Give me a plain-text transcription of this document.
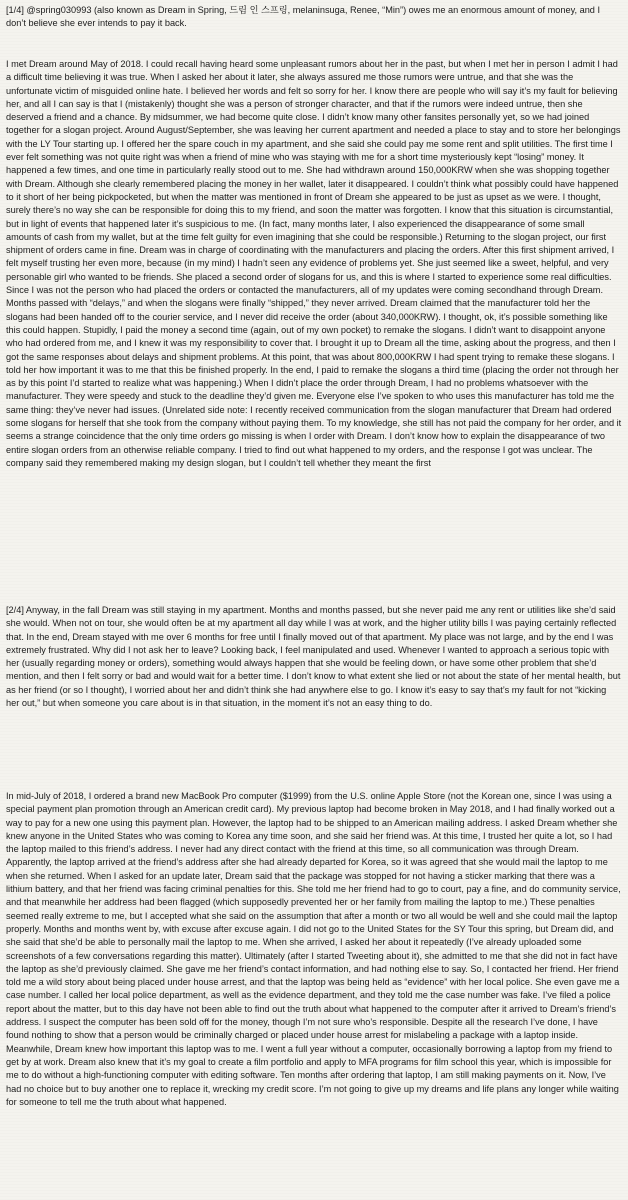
[1/4] @spring030993 (also known as Dream in Spring, 드림 인 스프링, melaninsuga, Renee, “Min”) owes me an enormous amount of money, and I don’t believe she ever intends to pay it back.

I met Dream around May of 2018. I could recall having heard some unpleasant rumors about her in the past, but when I met her in person I admit I had a difficult time believing it was true. When I asked her about it later, she always assured me those rumors were untrue, and that she was the unfortunate victim of misguided online hate. I believed her words and felt so sorry for her. I know there are people who will say it’s my fault for believing her, and all I can say is that I (mistakenly) thought she was a person of stronger character, and that if the rumors were indeed untrue, then she deserved a friend and a chance. By midsummer, we had become quite close. I didn’t know many other fansites personally yet, so we had joined together for a slogan project. Around August/September, she was leaving her current apartment and needed a place to stay and to store her belongings with the LY Tour starting up. I offered her the spare couch in my apartment, and she said she could pay me some rent and split utilities. The first time I ever felt something was not quite right was when a friend of mine who was staying with me for a short time mysteriously kept “losing” money. It happened a few times, and one time in particularly really stood out to me. She had withdrawn around 150,000KRW when she was shopping together with Dream. Although she clearly remembered placing the money in her wallet, later it disappeared. I couldn’t think what possibly could have happened to it short of her being pickpocketed, but when the matter was mentioned in front of Dream she appeared to be just as upset as we were. I thought, surely there’s no way she can be responsible for doing this to my friend, and soon the matter was forgotten. I know that this situation is circumstantial, but in light of events that happened later it’s suspicious to me. (In fact, many months later, I also experienced the disappearance of some small amounts of cash from my wallet, but at the time felt guilty for even imagining that she could be responsible.) Returning to the slogan project, our first shipment of orders came in fine. Dream was in charge of coordinating with the manufacturers and placing the orders. After this first shipment arrived, I felt myself trusting her even more, because (in my mind) I hadn’t seen any evidence of problems yet. She just seemed like a sweet, helpful, and very personable girl who wanted to be friends. She placed a second order of slogans for us, and this is where I started to experience some real difficulties. Since I was not the person who had placed the orders or contacted the manufacturers, all of my updates were coming secondhand through Dream. Months passed with “delays,” and when the slogans were finally “shipped,” they never arrived. Dream claimed that the manufacturer told her the slogans had been handed off to the courier service, and I never did receive the order (about 340,000KRW). I thought, ok, it’s possible something like this could happen. Stupidly, I paid the money a second time (again, out of my own pocket) to remake the slogans. I didn’t want to disappoint anyone who had ordered from me, and I knew it was my responsibility to cover that. I brought it up to Dream all the time, asking about the progress, and then I got the same responses about delays and shipment problems. At this point, that was about 800,000KRW I had spent trying to remake these slogans. I told her how important it was to me that this be finished properly. In the end, I paid to remake the slogans a third time (placing the order not through her as by this point I’d started to realize what was happening.) When I didn’t place the order through Dream, I had no problems whatsoever with the manufacturer. They were speedy and stuck to the deadline they’d given me. Everyone else I’ve spoken to who uses this manufacturer has told me the same thing: they’ve never had issues. (Unrelated side note: I recently received communication from the slogan manufacturer that Dream had ordered some slogans for herself that she took from the company without paying them. To my knowledge, she still has not paid the company for her order, and it seems a strange coincidence that the only time orders go missing is when I order with Dream. I don’t know how to explain the disappearance of two entire slogan orders from an otherwise reliable company. I tried to find out what happened to my orders, and the response I got was unclear. The company said they remembered making my design slogan, but I couldn’t tell whether they meant the first

[2/4] Anyway, in the fall Dream was still staying in my apartment. Months and months passed, but she never paid me any rent or utilities like she’d said she would. When not on tour, she would often be at my apartment all day while I was at work, and the higher utility bills I was paying certainly reflected that. In the end, Dream stayed with me over 6 months for free until I finally moved out of that apartment. My place was not large, and by the end I was extremely frustrated. Why did I not ask her to leave? Looking back, I feel manipulated and used. Whenever I wanted to approach a serious topic with her (usually regarding money or orders), something would always happen that she would be feeling down, or have some other problem that she’d mention, and then I felt sorry or bad and would wait for a better time. I don’t know to what extent she lied or not about the state of her mental health, but as her friend (or so I thought), I worried about her and didn’t think she had anywhere else to go. I know it’s easy to say that’s my fault for not “kicking her out,” but when someone you care about is in that situation, in the moment it’s not an easy thing to do.

In mid-July of 2018, I ordered a brand new MacBook Pro computer ($1999) from the U.S. online Apple Store (not the Korean one, since I was using a special payment plan promotion through an American credit card). My previous laptop had become broken in May 2018, and I had finally worked out a way to pay for a new one using this payment plan. However, the laptop had to be shipped to an American mailing address. I asked Dream whether she knew anyone in the United States who was coming to Korea any time soon, and she said her friend was. At this time, I trusted her quite a lot, so I had the laptop mailed to this friend’s address. I never had any direct contact with the friend at this time, so all communication was through Dream. Apparently, the laptop arrived at the friend’s address after she had already departed for Korea, so it was agreed that she would mail the laptop to me when she returned. When I asked for an update later, Dream said that the package was stopped for not having a sticker marking that there was a lithium battery, and that her friend was facing criminal penalties for this. She told me her friend had to go to court, pay a fine, and do community service, and that meanwhile her address had been flagged (which supposedly prevented her or her family from mailing the laptop to me.) These penalties seemed really extreme to me, but I accepted what she said on the assumption that after a month or two all would be well and she could mail the laptop properly. Months and months went by, with excuse after excuse again. I did not go to the United States for the SY Tour this spring, but Dream did, and she said that she’d be able to personally mail the laptop to me. When she arrived, I asked her about it repeatedly (I’ve already uploaded some screenshots of a few conversations regarding this matter). Ultimately (after I started Tweeting about it), she admitted to me that she did not in fact have the laptop as she’d previously claimed. She gave me her friend’s contact information, and had nothing else to say. So, I contacted her friend. Her friend told me a wild story about being placed under house arrest, and that the laptop was being held as “evidence” with her local police. She even gave me a case number. I called her local police department, as well as the evidence department, and they told me the case number was fake. I’ve filed a police report about the matter, but to this day have not been able to find out the truth about what happened to the computer after it arrived to Dream’s friend’s address. I suspect the computer has been sold off for the money, though I’m not sure who’s responsible. Despite all the research I’ve done, I have found nothing to show that a person would be criminally charged or placed under house arrest for mislabeling a package with a laptop inside. Meanwhile, Dream knew how important this laptop was to me. I went a full year without a computer, occasionally borrowing a laptop from my friend to get by at work. Dream also knew that it’s my goal to create a film portfolio and apply to MFA programs for film school this year, which is impossible for me to do without a high-functioning computer with editing software. Ten months after ordering that laptop, I am still making payments on it. Now, I’ve had no choice but to buy another one to replace it, wrecking my credit score. I’m not going to give up my dreams and life plans any longer while waiting for someone to tell me the truth about what happened.
